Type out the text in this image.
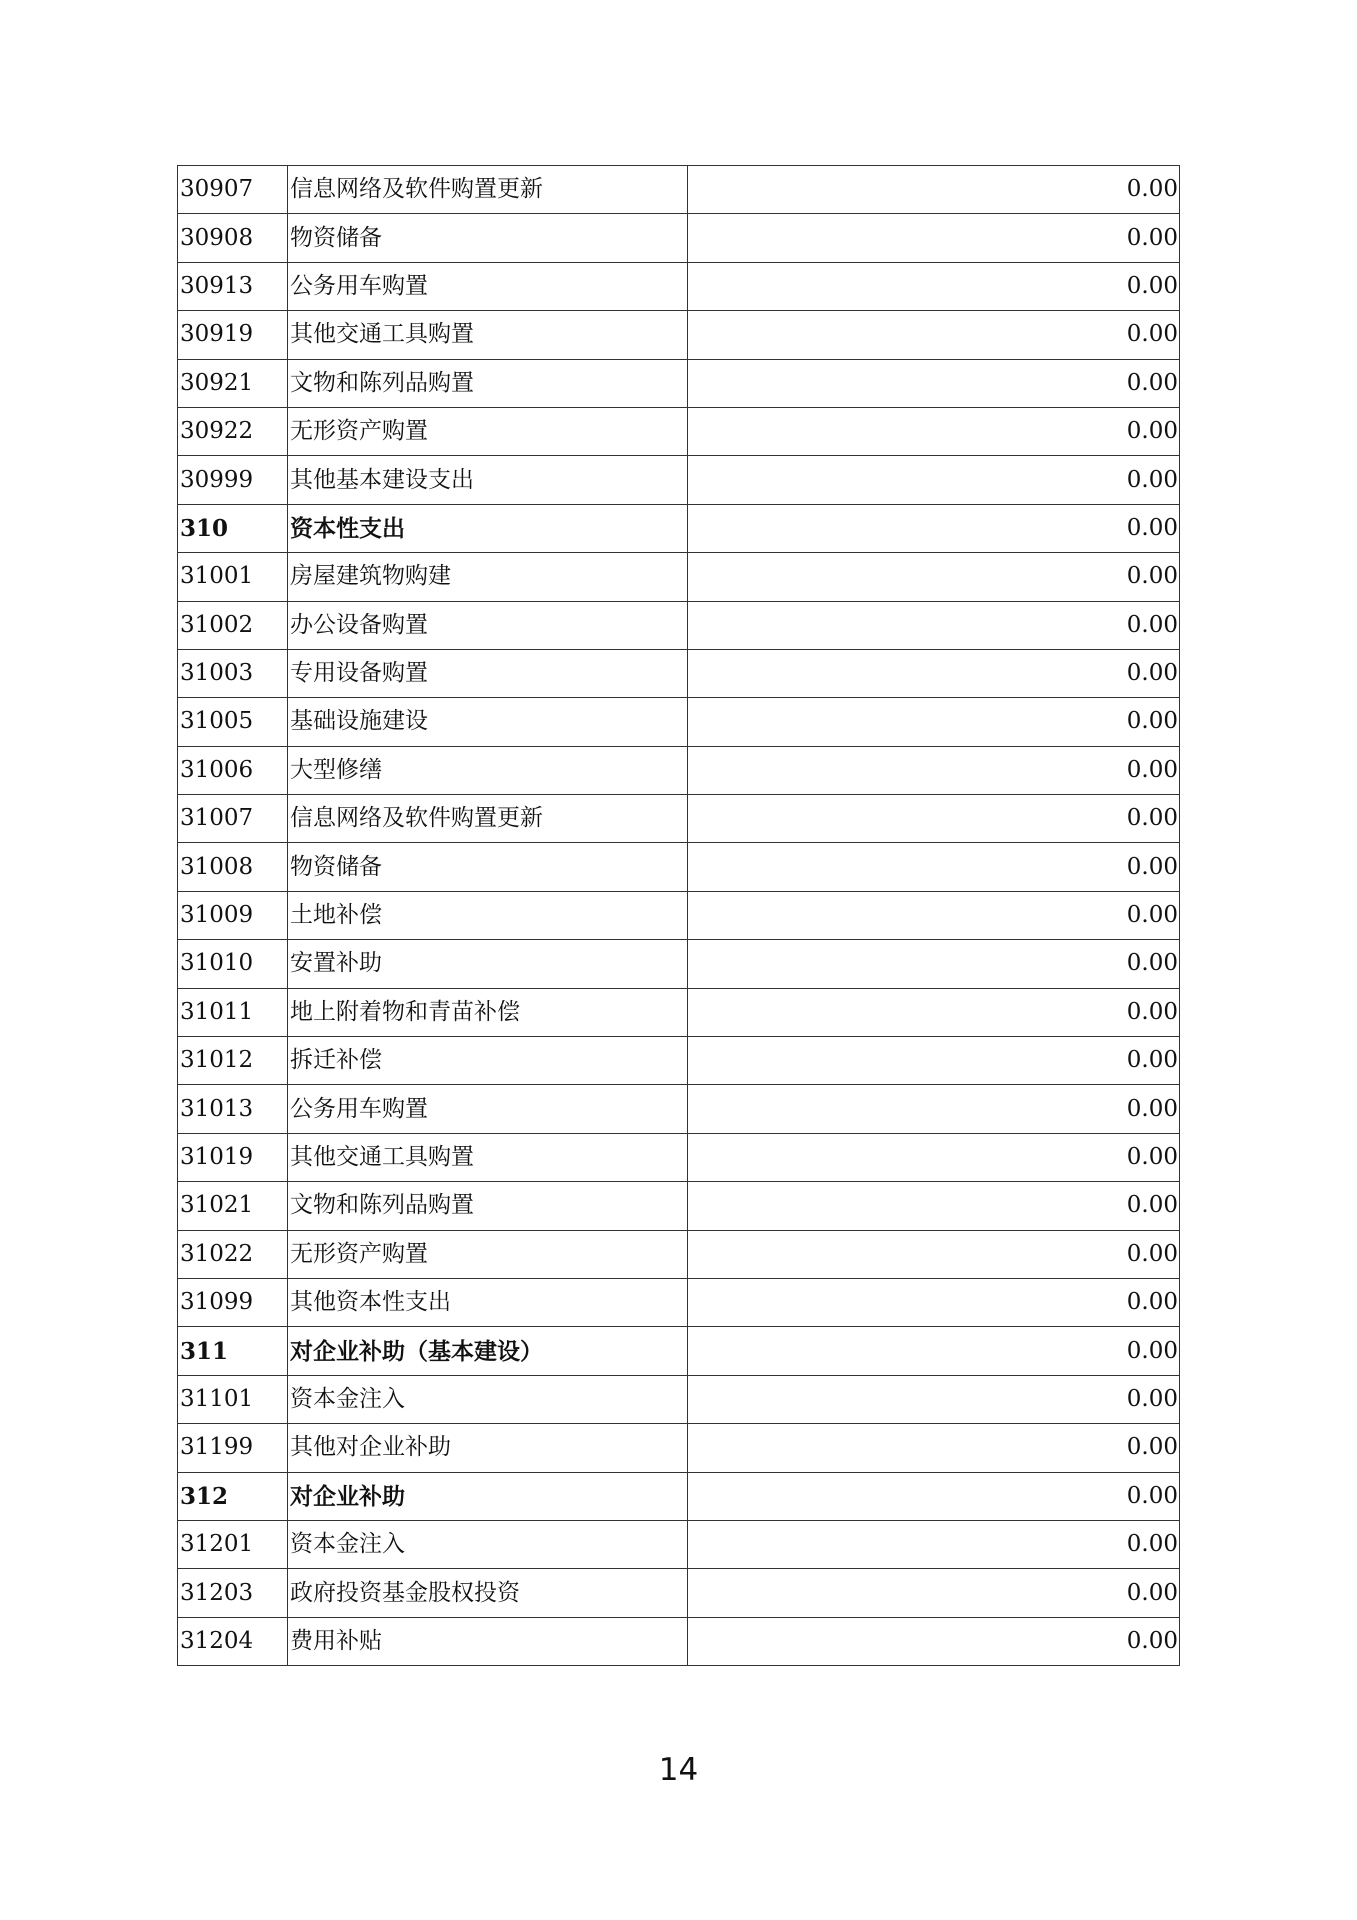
30907	信息网络及软件购置更新	0.00
30908	物资储备	0.00
30913	公务用车购置	0.00
30919	其他交通工具购置	0.00
30921	文物和陈列品购置	0.00
30922	无形资产购置	0.00
30999	其他基本建设支出	0.00
310	资本性支出	0.00
31001	房屋建筑物购建	0.00
31002	办公设备购置	0.00
31003	专用设备购置	0.00
31005	基础设施建设	0.00
31006	大型修缮	0.00
31007	信息网络及软件购置更新	0.00
31008	物资储备	0.00
31009	土地补偿	0.00
31010	安置补助	0.00
31011	地上附着物和青苗补偿	0.00
31012	拆迁补偿	0.00
31013	公务用车购置	0.00
31019	其他交通工具购置	0.00
31021	文物和陈列品购置	0.00
31022	无形资产购置	0.00
31099	其他资本性支出	0.00
311	对企业补助（基本建设）	0.00
31101	资本金注入	0.00
31199	其他对企业补助	0.00
312	对企业补助	0.00
31201	资本金注入	0.00
31203	政府投资基金股权投资	0.00
31204	费用补贴	0.00
14
